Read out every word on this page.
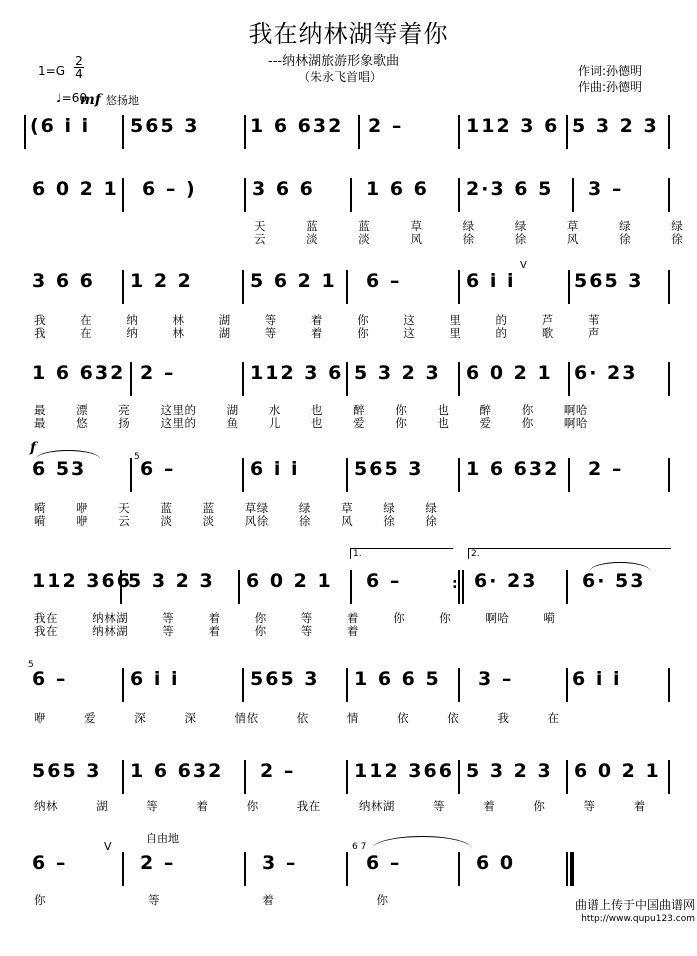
我在纳林湖等着你
---纳林湖旅游形象歌曲
（朱永飞首唱）	作词:孙德明
作曲:孙德明
1=G
2
4
♩=60
mf 悠扬地
(6 i i 565 3	1 6 632 2 –	112 3 6 5 3 2 3
6 0 2 1 6 – )	3 6 6	1 6 6 2·3 6 5 3 –
天 蓝 蓝 草 绿 绿 草 绿 绿
云 淡 淡 风 徐 徐 风 徐 徐
3 6 6 1 2 2	5 6 2 1 6 –	6 i i
V
565 3
我 在 纳 林 湖 等 着 你 这 里 的 芦 苇
我 在 纳 林 湖 等 着 你 这 里 的 歌 声
1 6 632 2 –	112 3 6 5 3 2 3 6 0 2 1 6· 23
最 漂 亮 这里的 湖 水 也 醉 你 也 醉 你 啊哈
最 悠 扬 这里的 鱼 儿 也 爱 你 也 爱 你 啊哈
f
6 53
5
6 –	6 i i	565 3 1 6 632 2 –
嗬 咿 天 蓝 蓝 草绿 绿 草 绿 绿
嗬 咿 云 淡 淡 风徐 徐 风 徐 徐
112 366
5 3 2 3 6 0 2 1
1.
6 –	:
2.
6· 23 6· 53
我在 纳林湖 等 着 你 等 着 你 你 啊哈 嗬
我在 纳林湖 等 着 你 等 着
5
6 –	6 i i	565 3 1 6 6 5 3 –	6 i i
咿 爱 深 深 情依 依 情 依 依 我 在
565 3 1 6 632 2 –	112 366 5 3 2 3 6 0 2 1
纳林 湖 等 着 你 我在 纳林湖 等 着 你 等 着
自由地
6 –
V
2 –	3 –
6 7
6 –	6 0
你 等 着 你	曲谱上传于中国曲谱网
http://www.qupu123.com
